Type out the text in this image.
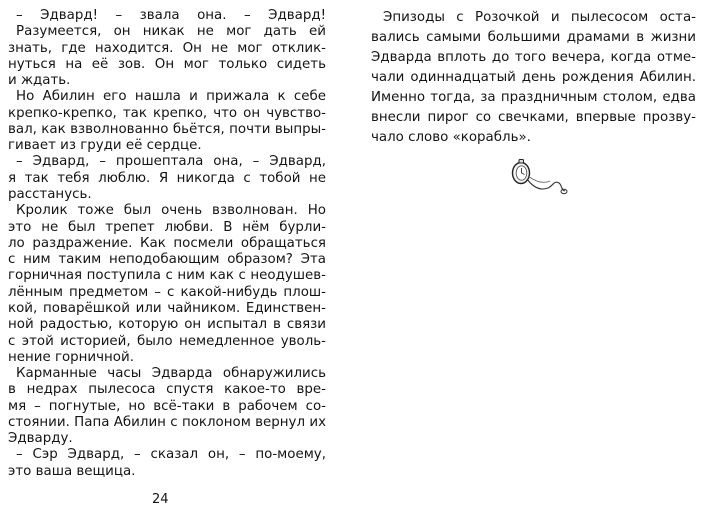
– Эдвард! – звала она. – Эдвард!
Разумеется, он никак не мог дать ей
знать, где находится. Он не мог отклик-
нуться на её зов. Он мог только сидеть
и ждать.
Но Абилин его нашла и прижала к себе
крепко-крепко, так крепко, что он чувство-
вал, как взволнованно бьётся, почти выпры-
гивает из груди её сердце.
– Эдвард, – прошептала она, – Эдвард,
я так тебя люблю. Я никогда с тобой не
расстанусь.
Кролик тоже был очень взволнован. Но
это не был трепет любви. В нём бурли-
ло раздражение. Как посмели обращаться
с ним таким неподобающим образом? Эта
горничная поступила с ним как с неодушев-
лённым предметом – с какой-нибудь плош-
кой, поварёшкой или чайником. Единствен-
ной радостью, которую он испытал в связи
с этой историей, было немедленное уволь-
нение горничной.
Карманные часы Эдварда обнаружились
в недрах пылесоса спустя какое-то вре-
мя – погнутые, но всё-таки в рабочем со-
стоянии. Папа Абилин с поклоном вернул их
Эдварду.
– Сэр Эдвард, – сказал он, – по-моему,
это ваша вещица.
24
Эпизоды с Розочкой и пылесосом оста-
вались самыми большими драмами в жизни
Эдварда вплоть до того вечера, когда отме-
чали одиннадцатый день рождения Абилин.
Именно тогда, за праздничным столом, едва
внесли пирог со свечками, впервые прозву-
чало слово «корабль».
